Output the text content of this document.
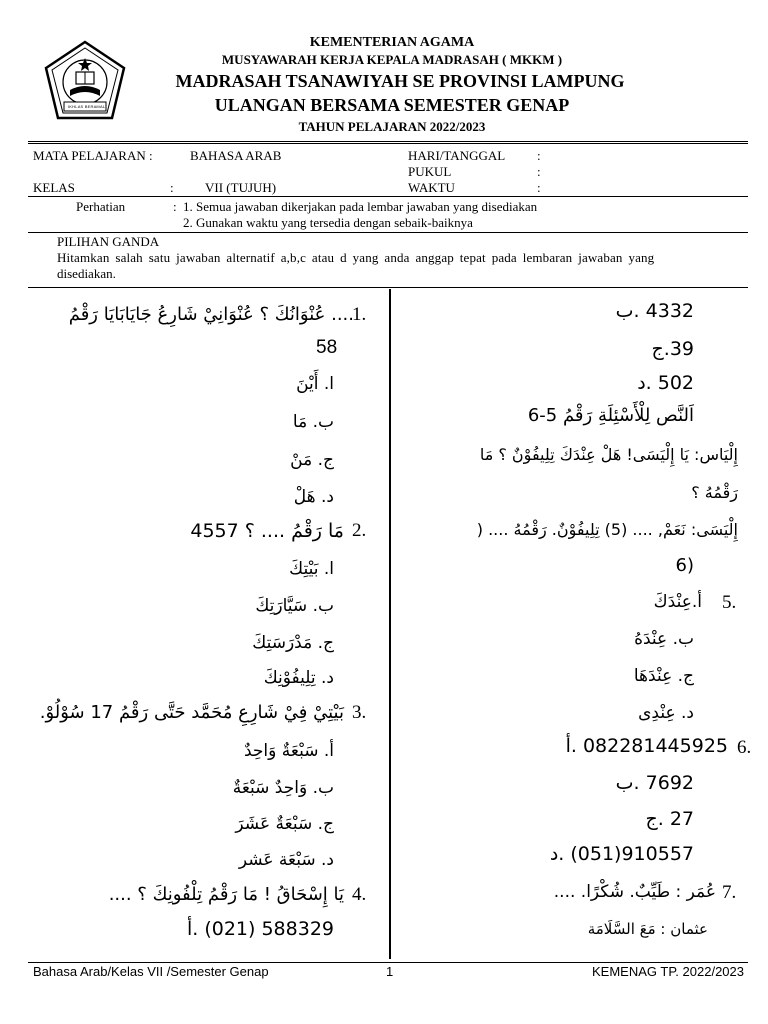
IKHLAS BERAMAL
KEMENTERIAN AGAMA
MUSYAWARAH KERJA KEPALA MADRASAH ( MKKM )
MADRASAH TSANAWIYAH SE PROVINSI LAMPUNG
ULANGAN BERSAMA SEMESTER GENAP
TAHUN PELAJARAN 2022/2023
MATA PELAJARAN :	BAHASA ARAB	HARI/TANGGAL :
PUKUL	:
KELAS	: VII (TUJUH)	WAKTU	:
Perhatian	: 1. Semua jawaban dikerjakan pada lembar jawaban yang disediakan
2. Gunakan waktu yang tersedia dengan sebaik-baiknya
PILIHAN GANDA
Hitamkan salah satu jawaban alternatif a,b,c atau d yang anda anggap tepat pada lembaran jawaban yang
disediakan.
.... عُنْوَانُكَ ؟ عُنْوَانِيْ شَارِعُ جَايَابَايَا رَقْمُ
1.
58
ا. أَيْنَ
ب. مَا
ج. مَنْ
د. هَلْ
مَا رَقْمُ .... ؟ 4557 2.
ا. بَيْتِكَ
ب. سَيَّارَتِكَ
ج. مَدْرَسَتِكَ
د. تِلِيفُوْنِكَ
بَيْتِيْ فِيْ شَارِعِ مُحَمَّد حَتَّى رَقْمُ 17 سُوْلُوْ. 3.
أ. سَبْعَةٌ وَاحِدٌ
ب. وَاحِدٌ سَبْعَةٌ
ج. سَبْعَةٌ عَشَرَ
د. سَبْعَة عَشر
يَا إِسْحَاقُ ! مَا رَقْمُ تِلْفُونِكَ ؟ .... 4.
588329 (021) .أ
4332 .ب
39.ج
502 .د
اَلنَّص لِلْأَسْئِلَةِ رَقْمُ 5-6
إِلْيَاس: يَا إِلْيَسَى! هَلْ عِنْدَكَ تِلِيفُوْنٌ ؟ مَا
رَقْمُهُ ؟
إِلْيَسَى: نَعَمْ, .... (5) تِلِيفُوْنٌ. رَقْمُهُ .... (
6)
5.
أ.عِنْدَكَ
ب. عِنْدَهُ
ج. عِنْدَهَا
د. عِنْدِى
6.
082281445925 .أ
7692 .ب
27 .ج
910557(051) .د
7.
عُمَر : طَيِّبٌ. شُكْرًا. ....
عثمان : مَعَ السَّلَامَة
Bahasa Arab/Kelas VII /Semester Genap	1	KEMENAG TP. 2022/2023
